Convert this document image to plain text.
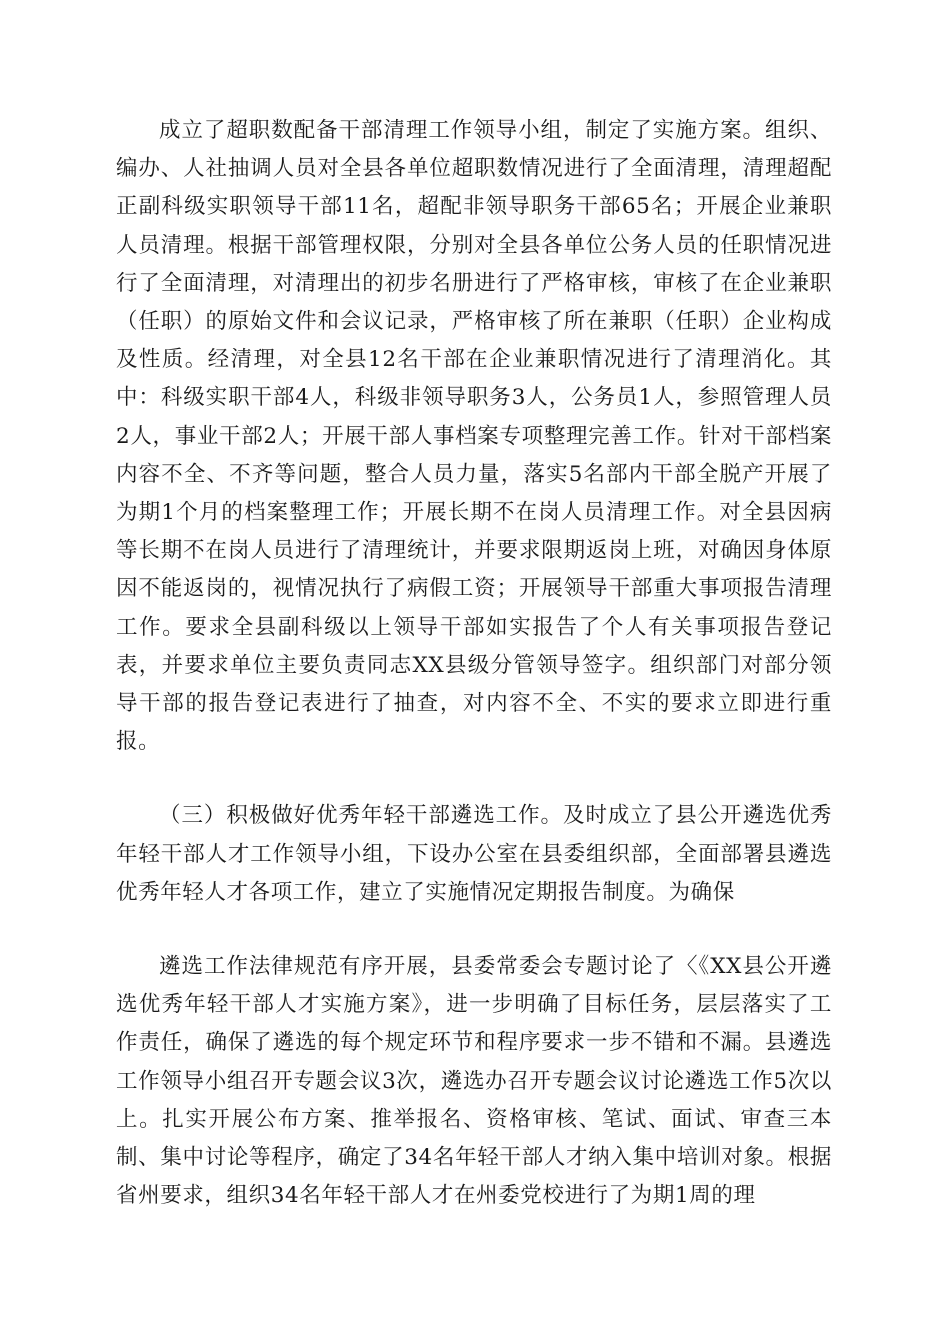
成立了超职数配备干部清理工作领导小组，制定了实施方案。组织、编办、人社抽调人员对全县各单位超职数情况进行了全面清理，清理超配正副科级实职领导干部11名，超配非领导职务干部65名；开展企业兼职人员清理。根据干部管理权限，分别对全县各单位公务人员的任职情况进行了全面清理，对清理出的初步名册进行了严格审核，审核了在企业兼职（任职）的原始文件和会议记录，严格审核了所在兼职（任职）企业构成及性质。经清理，对全县12名干部在企业兼职情况进行了清理消化。其中：科级实职干部4人，科级非领导职务3人，公务员1人，参照管理人员2人，事业干部2人；开展干部人事档案专项整理完善工作。针对干部档案内容不全、不齐等问题，整合人员力量，落实5名部内干部全脱产开展了为期1个月的档案整理工作；开展长期不在岗人员清理工作。对全县因病等长期不在岗人员进行了清理统计，并要求限期返岗上班，对确因身体原因不能返岗的，视情况执行了病假工资；开展领导干部重大事项报告清理工作。要求全县副科级以上领导干部如实报告了个人有关事项报告登记表，并要求单位主要负责同志XX县级分管领导签字。组织部门对部分领导干部的报告登记表进行了抽查，对内容不全、不实的要求立即进行重报。

（三）积极做好优秀年轻干部遴选工作。及时成立了县公开遴选优秀年轻干部人才工作领导小组，下设办公室在县委组织部，全面部署县遴选优秀年轻人才各项工作，建立了实施情况定期报告制度。为确保

遴选工作法律规范有序开展，县委常委会专题讨论了〈《XX县公开遴选优秀年轻干部人才实施方案》，进一步明确了目标任务，层层落实了工作责任，确保了遴选的每个规定环节和程序要求一步不错和不漏。县遴选工作领导小组召开专题会议3次，遴选办召开专题会议讨论遴选工作5次以上。扎实开展公布方案、推举报名、资格审核、笔试、面试、审查三本制、集中讨论等程序，确定了34名年轻干部人才纳入集中培训对象。根据省州要求，组织34名年轻干部人才在州委党校进行了为期1周的理
